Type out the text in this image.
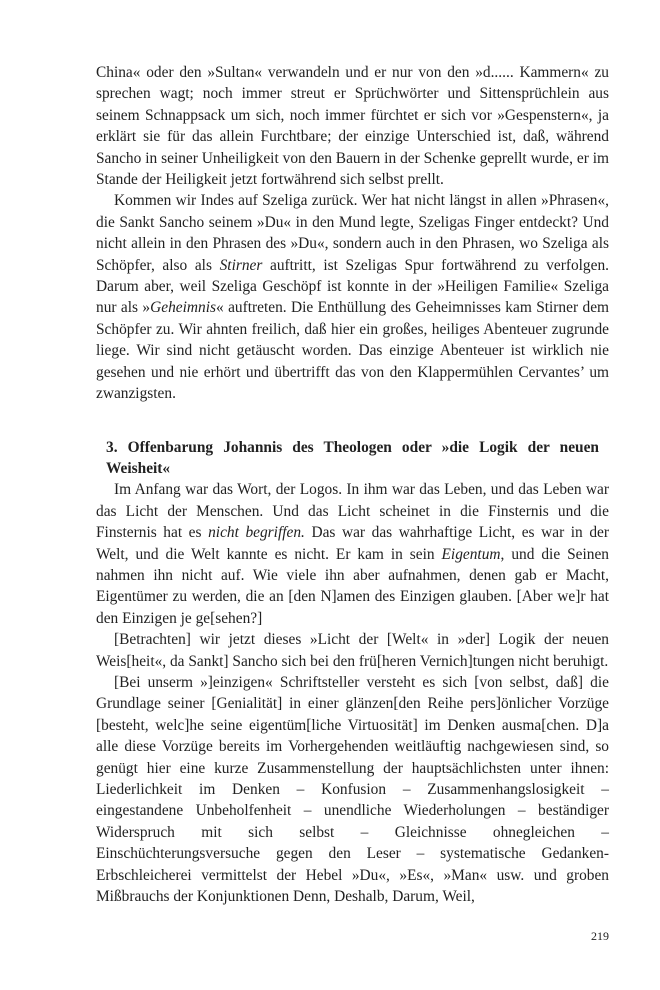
China« oder den »Sultan« verwandeln und er nur von den »d...... Kammern« zu sprechen wagt; noch immer streut er Sprüchwörter und Sittensprüchlein aus seinem Schnappsack um sich, noch immer fürchtet er sich vor »Gespenstern«, ja erklärt sie für das allein Furchtbare; der einzige Unterschied ist, daß, während Sancho in seiner Unheiligkeit von den Bauern in der Schenke geprellt wurde, er im Stande der Heiligkeit jetzt fortwährend sich selbst prellt.

Kommen wir Indes auf Szeliga zurück. Wer hat nicht längst in allen »Phrasen«, die Sankt Sancho seinem »Du« in den Mund legte, Szeligas Finger entdeckt? Und nicht allein in den Phrasen des »Du«, sondern auch in den Phrasen, wo Szeliga als Schöpfer, also als Stirner auftritt, ist Szeligas Spur fortwährend zu verfolgen. Darum aber, weil Szeliga Geschöpf ist konnte in der »Heiligen Familie« Szeliga nur als »Geheimnis« auftreten. Die Enthüllung des Geheimnisses kam Stirner dem Schöpfer zu. Wir ahnten freilich, daß hier ein großes, heiliges Abenteuer zugrunde liege. Wir sind nicht getäuscht worden. Das einzige Abenteuer ist wirklich nie gesehen und nie erhört und übertrifft das von den Klappermühlen Cervantes’ um zwanzigsten.

3. Offenbarung Johannis des Theologen oder »die Logik der neuen Weisheit«

Im Anfang war das Wort, der Logos. In ihm war das Leben, und das Leben war das Licht der Menschen. Und das Licht scheinet in die Finsternis und die Finsternis hat es nicht begriffen. Das war das wahrhaftige Licht, es war in der Welt, und die Welt kannte es nicht. Er kam in sein Eigentum, und die Seinen nahmen ihn nicht auf. Wie viele ihn aber aufnahmen, denen gab er Macht, Eigentümer zu werden, die an [den N]amen des Einzigen glauben. [Aber we]r hat den Einzigen je ge[sehen?]

[Betrachten] wir jetzt dieses »Licht der [Welt« in »der] Logik der neuen Weis[heit«, da Sankt] Sancho sich bei den frü[heren Vernich]tungen nicht beruhigt.

[Bei unserm »]einzigen« Schriftsteller versteht es sich [von selbst, daß] die Grundlage seiner [Genialität] in einer glänzen[den Reihe pers]önlicher Vorzüge [besteht, welc]he seine eigentüm[liche Virtuosität] im Denken ausma[chen. D]a alle diese Vorzüge bereits im Vorhergehenden weitläuftig nachgewiesen sind, so genügt hier eine kurze Zusammenstellung der hauptsächlichsten unter ihnen: Liederlichkeit im Denken – Konfusion – Zusammenhangslosigkeit – eingestandene Unbeholfenheit – unendliche Wiederholungen – beständiger Widerspruch mit sich selbst – Gleichnisse ohnegleichen – Einschüchterungsversuche gegen den Leser – systematische Gedanken-Erbschleicherei vermittelst der Hebel »Du«, »Es«, »Man« usw. und groben Mißbrauchs der Konjunktionen Denn, Deshalb, Darum, Weil,

219
